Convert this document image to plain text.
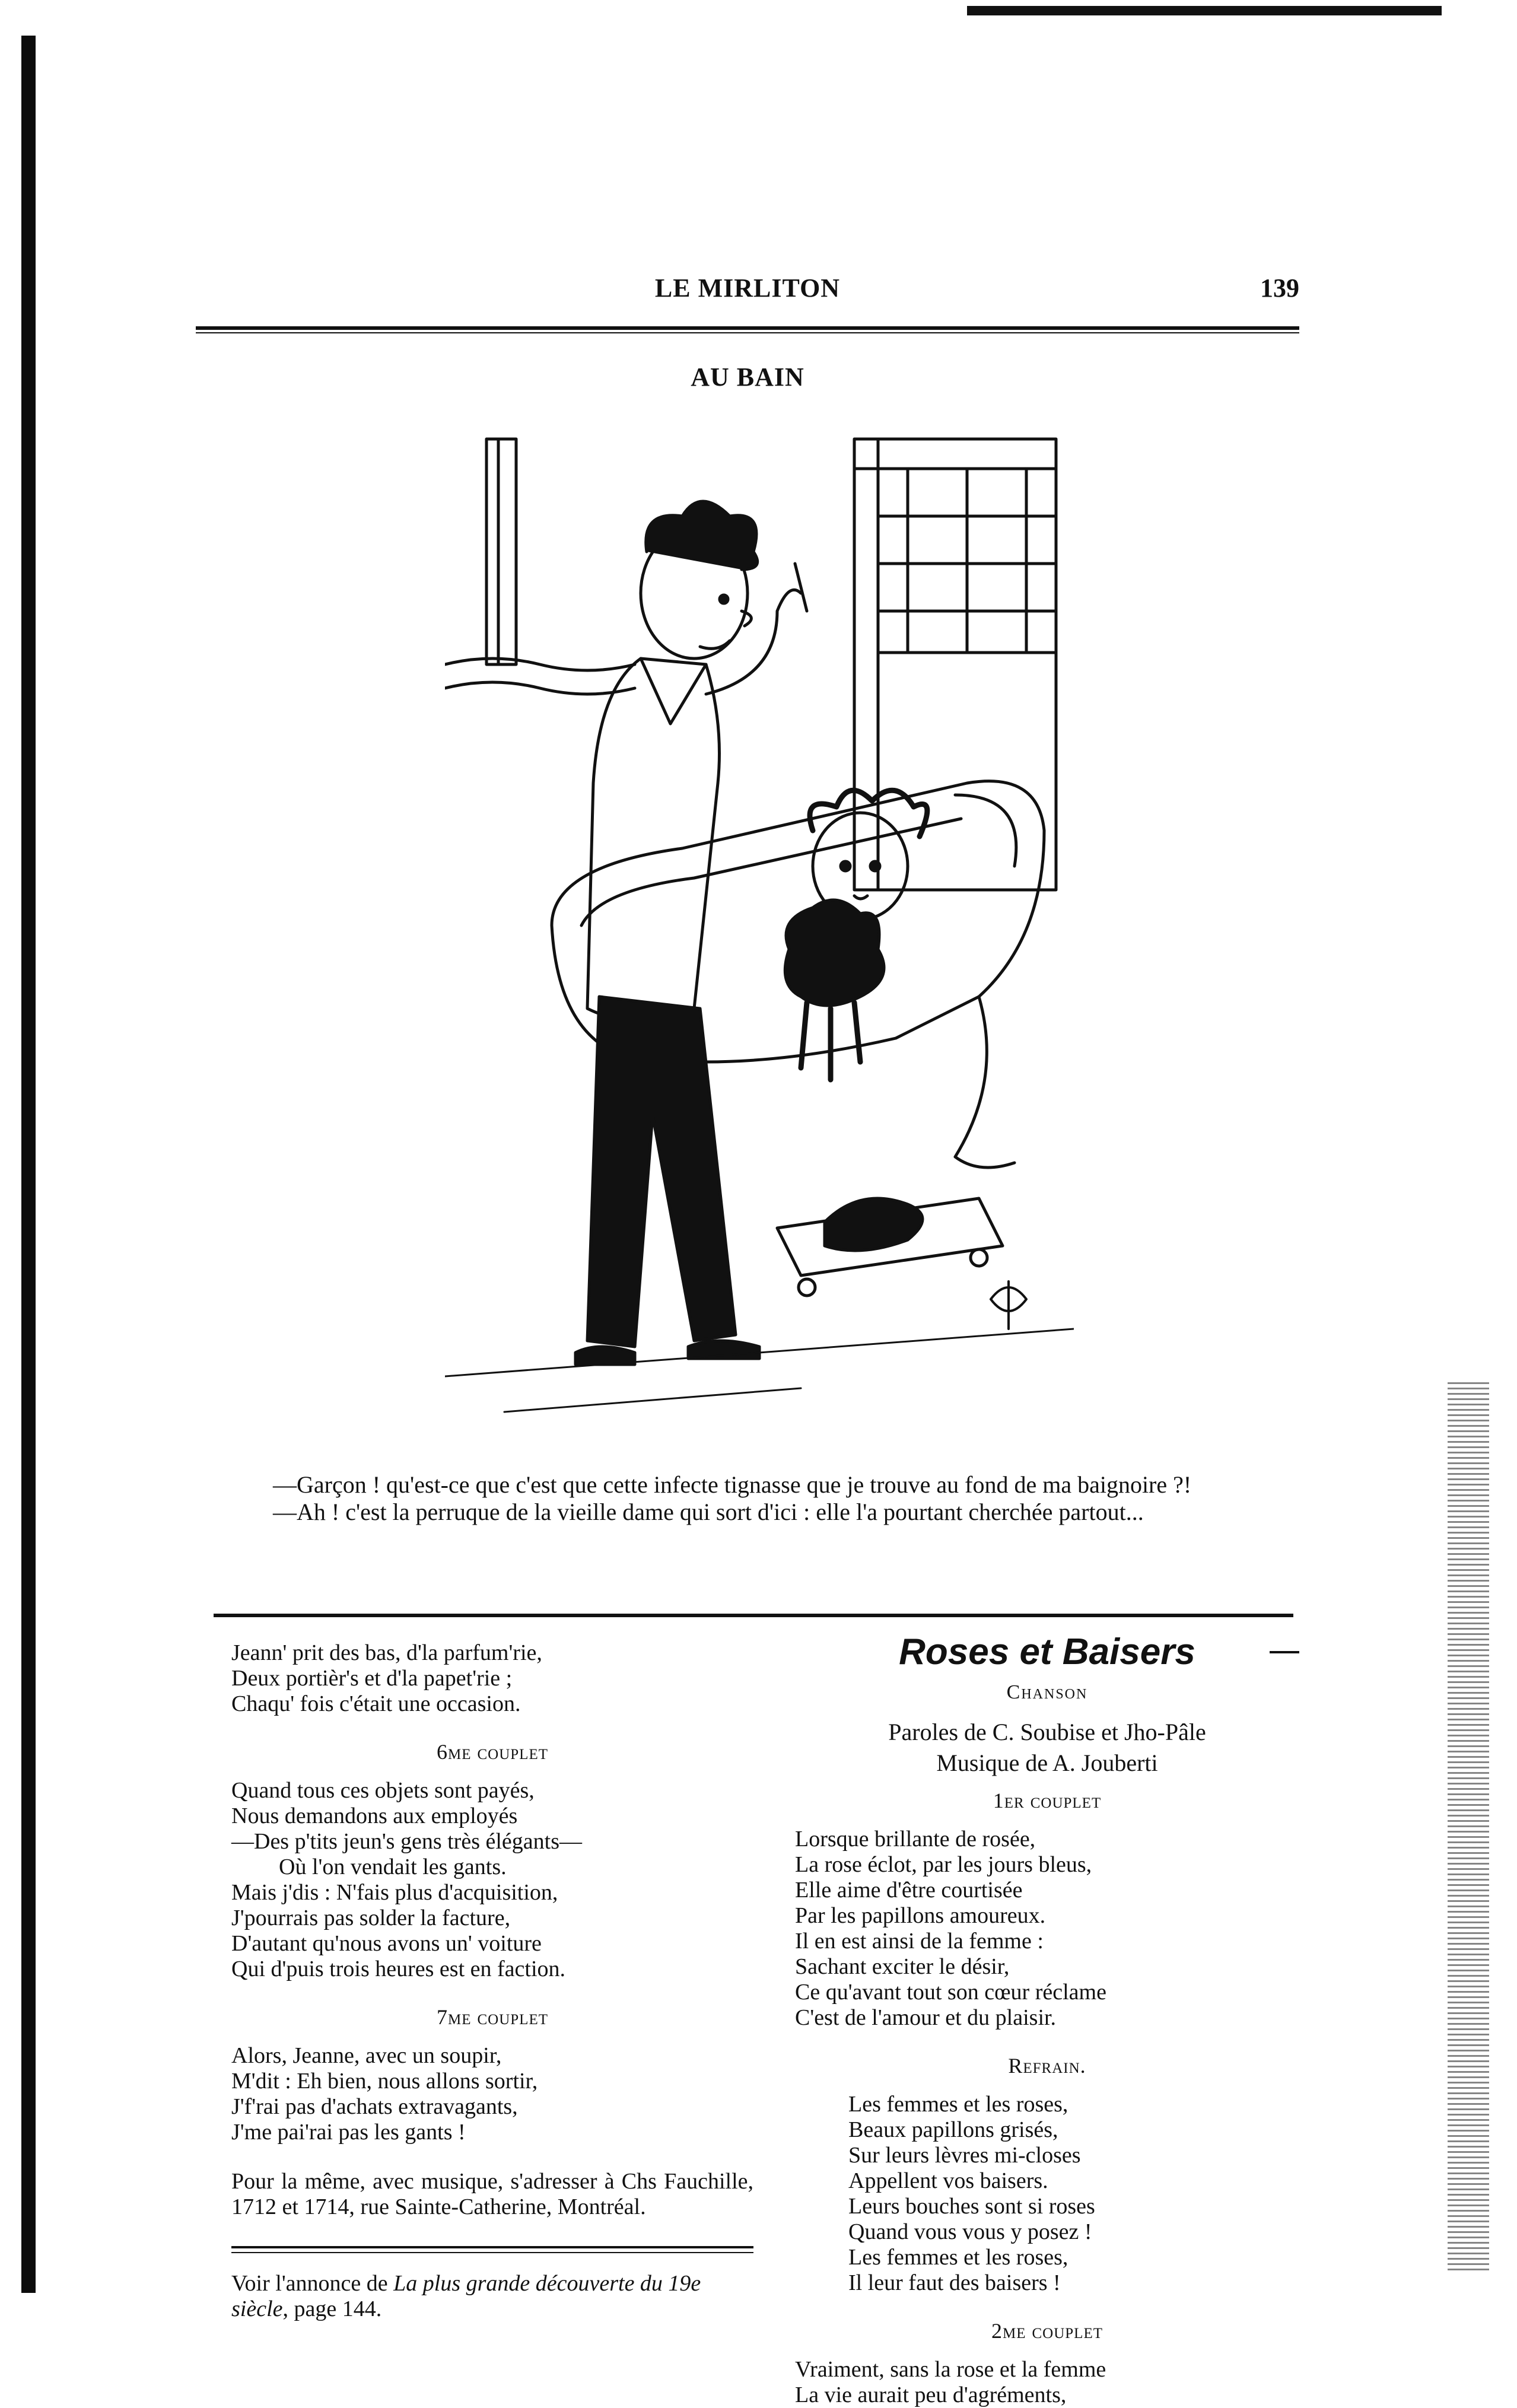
LE MIRLITON	139
AU BAIN

—Garçon ! qu'est-ce que c'est que cette infecte tignasse que je trouve au fond de ma baignoire ?!

—Ah ! c'est la perruque de la vieille dame qui sort d'ici : elle l'a pourtant cherchée partout...

Jeann' prit des bas, d'la parfum'rie,

Deux portièr's et d'la papet'rie ;

Chaqu' fois c'était une occasion.

6me couplet

Quand tous ces objets sont payés,

Nous demandons aux employés

—Des p'tits jeun's gens très élégants—

Où l'on vendait les gants.

Mais j'dis : N'fais plus d'acquisition,

J'pourrais pas solder la facture,

D'autant qu'nous avons un' voiture

Qui d'puis trois heures est en faction.

7me couplet

Alors, Jeanne, avec un soupir,

M'dit : Eh bien, nous allons sortir,

J'f'rai pas d'achats extravagants,

J'me pai'rai pas les gants !

Pour la même, avec musique, s'adresser à Chs Fauchille, 1712 et 1714, rue Sainte-Catherine, Montréal.

Voir l'annonce de La plus grande découverte du 19e siècle, page 144.

Roses et Baisers
Chanson

Paroles de C. Soubise et Jho-Pâle

Musique de A. Jouberti

1er couplet

Lorsque brillante de rosée,

La rose éclot, par les jours bleus,

Elle aime d'être courtisée

Par les papillons amoureux.

Il en est ainsi de la femme :

Sachant exciter le désir,

Ce qu'avant tout son cœur réclame

C'est de l'amour et du plaisir.

Refrain.

Les femmes et les roses,

Beaux papillons grisés,

Sur leurs lèvres mi-closes

Appellent vos baisers.

Leurs bouches sont si roses

Quand vous vous y posez !

Les femmes et les roses,

Il leur faut des baisers !

2me couplet

Vraiment, sans la rose et la femme

La vie aurait peu d'agréments,
